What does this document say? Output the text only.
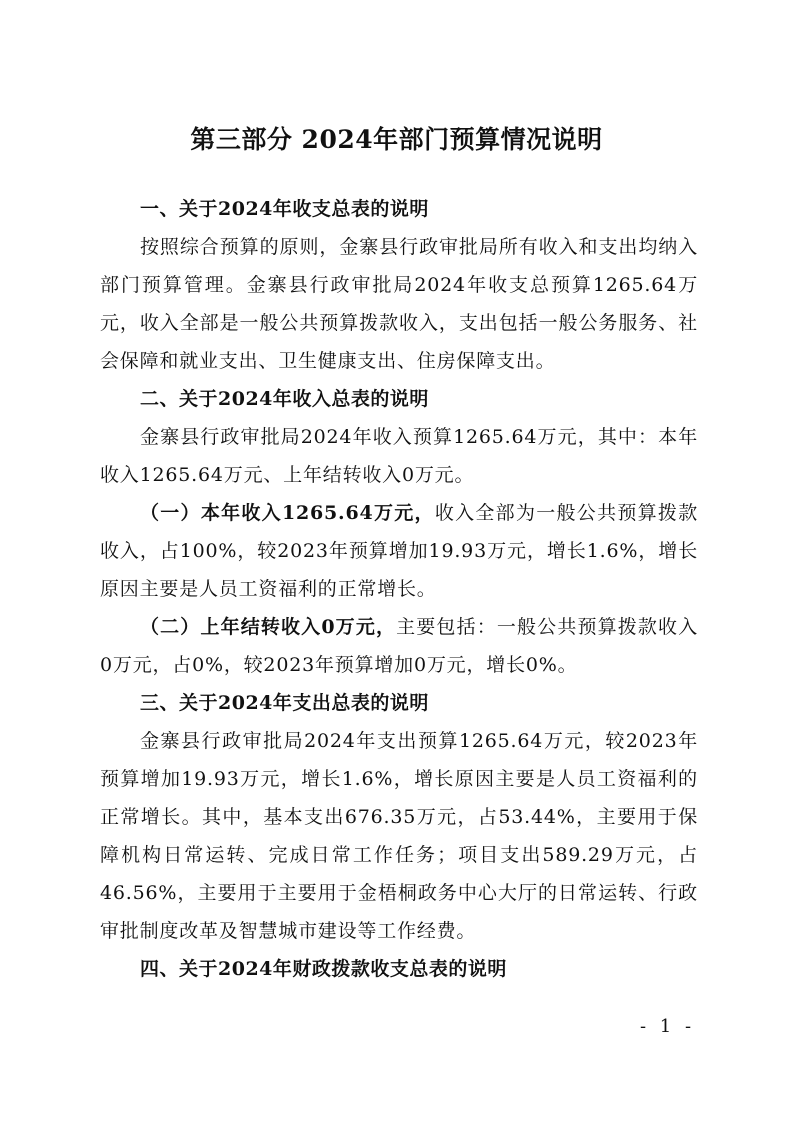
第三部分 2024年部门预算情况说明

一、关于2024年收支总表的说明

按照综合预算的原则，金寨县行政审批局所有收入和支出均纳入部门预算管理。金寨县行政审批局2024年收支总预算1265.64万元，收入全部是一般公共预算拨款收入，支出包括一般公务服务、社会保障和就业支出、卫生健康支出、住房保障支出。

二、关于2024年收入总表的说明

金寨县行政审批局2024年收入预算1265.64万元，其中：本年收入1265.64万元、上年结转收入0万元。

（一）本年收入1265.64万元，收入全部为一般公共预算拨款收入，占100%，较2023年预算增加19.93万元，增长1.6%，增长原因主要是人员工资福利的正常增长。

（二）上年结转收入0万元，主要包括：一般公共预算拨款收入0万元，占0%，较2023年预算增加0万元，增长0%。

三、关于2024年支出总表的说明

金寨县行政审批局2024年支出预算1265.64万元，较2023年预算增加19.93万元，增长1.6%，增长原因主要是人员工资福利的正常增长。其中，基本支出676.35万元，占53.44%，主要用于保障机构日常运转、完成日常工作任务；项目支出589.29万元，占46.56%，主要用于主要用于金梧桐政务中心大厅的日常运转、行政审批制度改革及智慧城市建设等工作经费。

四、关于2024年财政拨款收支总表的说明

- 1 -
